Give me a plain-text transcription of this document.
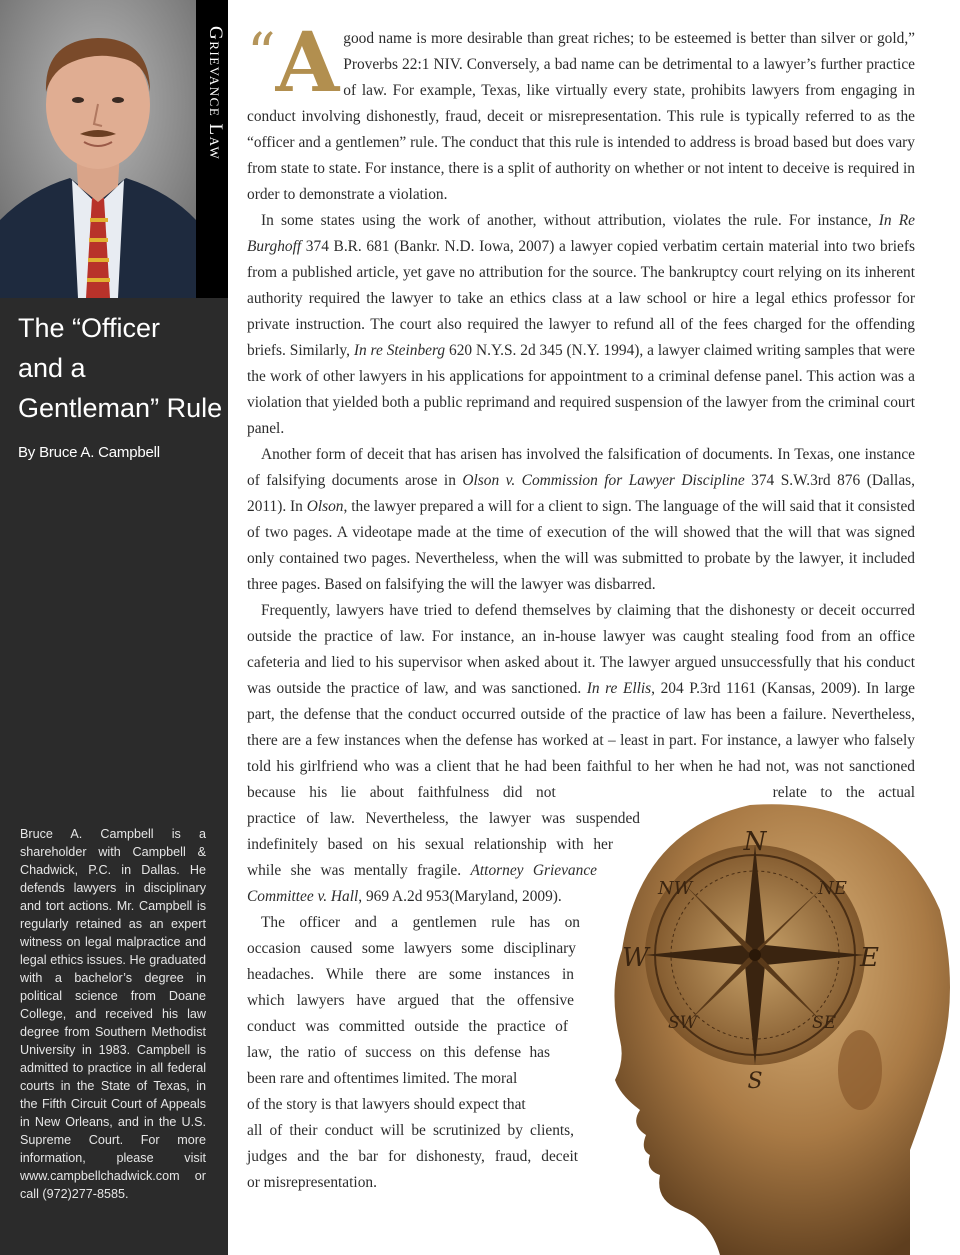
Grievance Law
The “Officer
and a
Gentleman” Rule
By Bruce A. Campbell
Bruce A. Campbell is a shareholder with Campbell & Chadwick, P.C. in Dallas. He defends lawyers in disciplinary and tort actions. Mr. Campbell is regularly retained as an expert witness on legal malpractice and legal ethics issues. He graduated with a bachelor’s degree in political science from Doane College, and received his law degree from Southern Methodist University in 1983. Campbell is admitted to practice in all federal courts in the State of Texas, in the Fifth Circuit Court of Appeals in New Orleans, and in the U.S. Supreme Court. For more information, please visit www.campbellchadwick.com or call (972)277-8585.
N
NE
E
SE
S
SW
W
NW

“ A good name is more desirable than great riches; to be esteemed is better than silver or gold,” Proverbs 22:1 NIV. Conversely, a bad name can be detrimental to a lawyer’s further practice of law. For example, Texas, like virtually every state, prohibits lawyers from engaging in conduct involving dishonestly, fraud, deceit or misrepresentation. This rule is typically referred to as the “officer and a gentlemen” rule. The conduct that this rule is intended to address is broad based but does vary from state to state. For instance, there is a split of authority on whether or not intent to deceive is required in order to demonstrate a violation.

In some states using the work of another, without attribution, violates the rule. For instance, In Re Burghoff 374 B.R. 681 (Bankr. N.D. Iowa, 2007) a lawyer copied verbatim certain material into two briefs from a published article, yet gave no attribution for the source. The bankruptcy court relying on its inherent authority required the lawyer to take an ethics class at a law school or hire a legal ethics professor for private instruction. The court also required the lawyer to refund all of the fees charged for the offending briefs. Similarly, In re Steinberg 620 N.Y.S. 2d 345 (N.Y. 1994), a lawyer claimed writing samples that were the work of other lawyers in his applications for appointment to a criminal defense panel. This action was a violation that yielded both a public reprimand and required suspension of the lawyer from the criminal court panel.

Another form of deceit that has arisen has involved the falsification of documents. In Texas, one instance of falsifying documents arose in Olson v. Commission for Lawyer Discipline 374 S.W.3rd 876 (Dallas, 2011). In Olson, the lawyer prepared a will for a client to sign. The language of the will said that it consisted of two pages. A videotape made at the time of execution of the will showed that the will that was signed only contained two pages. Nevertheless, when the will was submitted to probate by the lawyer, it included three pages. Based on falsifying the will the lawyer was disbarred.

Frequently, lawyers have tried to defend themselves by claiming that the dishonesty or deceit occurred outside the practice of law. For instance, an in-house lawyer was caught stealing food from an office cafeteria and lied to his supervisor when asked about it. The lawyer argued unsuccessfully that his conduct was outside the practice of law, and was sanctioned. In re Ellis, 204 P.3rd 1161 (Kansas, 2009). In large part, the defense that the conduct occurred outside of the practice of law has been a failure. Nevertheless, there are a few instances when the defense has worked at – least in part. For instance, a lawyer who falsely told his girlfriend who was a client that he had been faithful to her when he had not, was not sanctioned because his lie about faithfulness did not	relate to the actual

practice of law. Nevertheless, the lawyer was suspended
indefinitely based on his sexual relationship with her
while she was mentally fragile. Attorney Grievance
Committee v. Hall, 969 A.2d 953(Maryland, 2009).
The officer and a gentlemen rule has on
occasion caused some lawyers some disciplinary
headaches. While there are some instances in
which lawyers have argued that the offensive
conduct was committed outside the practice of
law, the ratio of success on this defense has
been rare and oftentimes limited. The moral
of the story is that lawyers should expect that
all of their conduct will be scrutinized by clients,
judges and the bar for dishonesty, fraud, deceit
or misrepresentation.
